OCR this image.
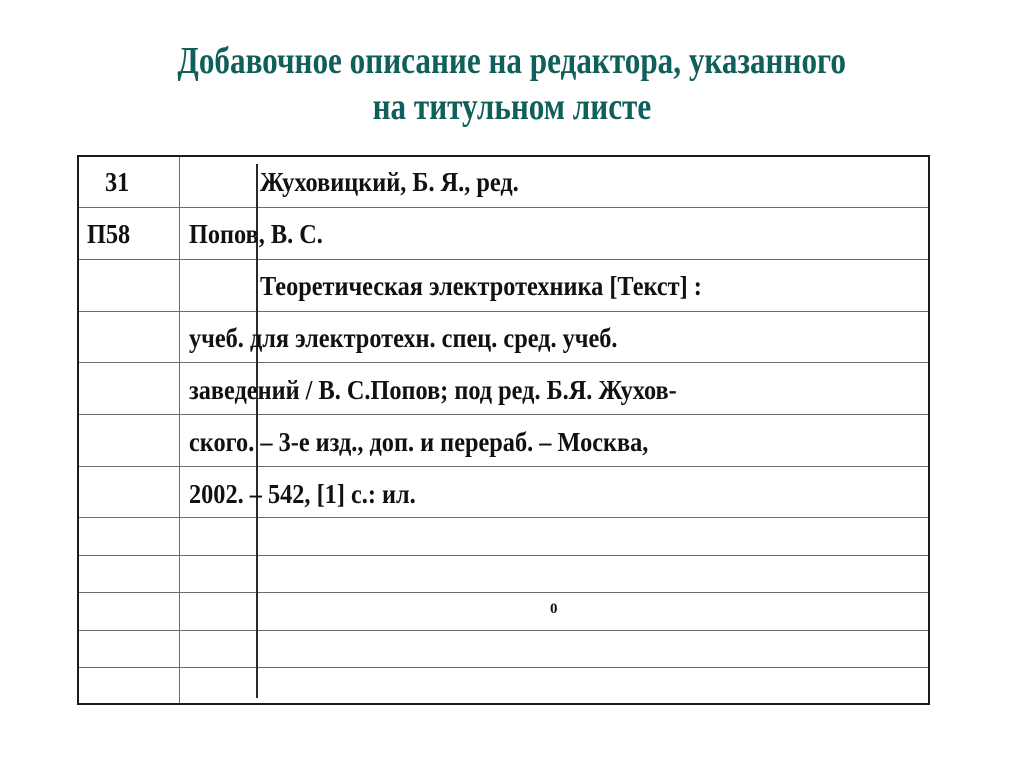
Добавочное описание на редактора, указанного
на титульном листе
31	Жуховицкий, Б. Я., ред.
П58 Попов, В. С.
Теоретическая электротехника [Текст] :
учеб. для электротехн. спец. сред. учеб.
заведений / В. С.Попов; под ред. Б.Я. Жухов-
ского. – 3-е изд., доп. и перераб. – Москва,
2002. – 542, [1] с.: ил.
0
